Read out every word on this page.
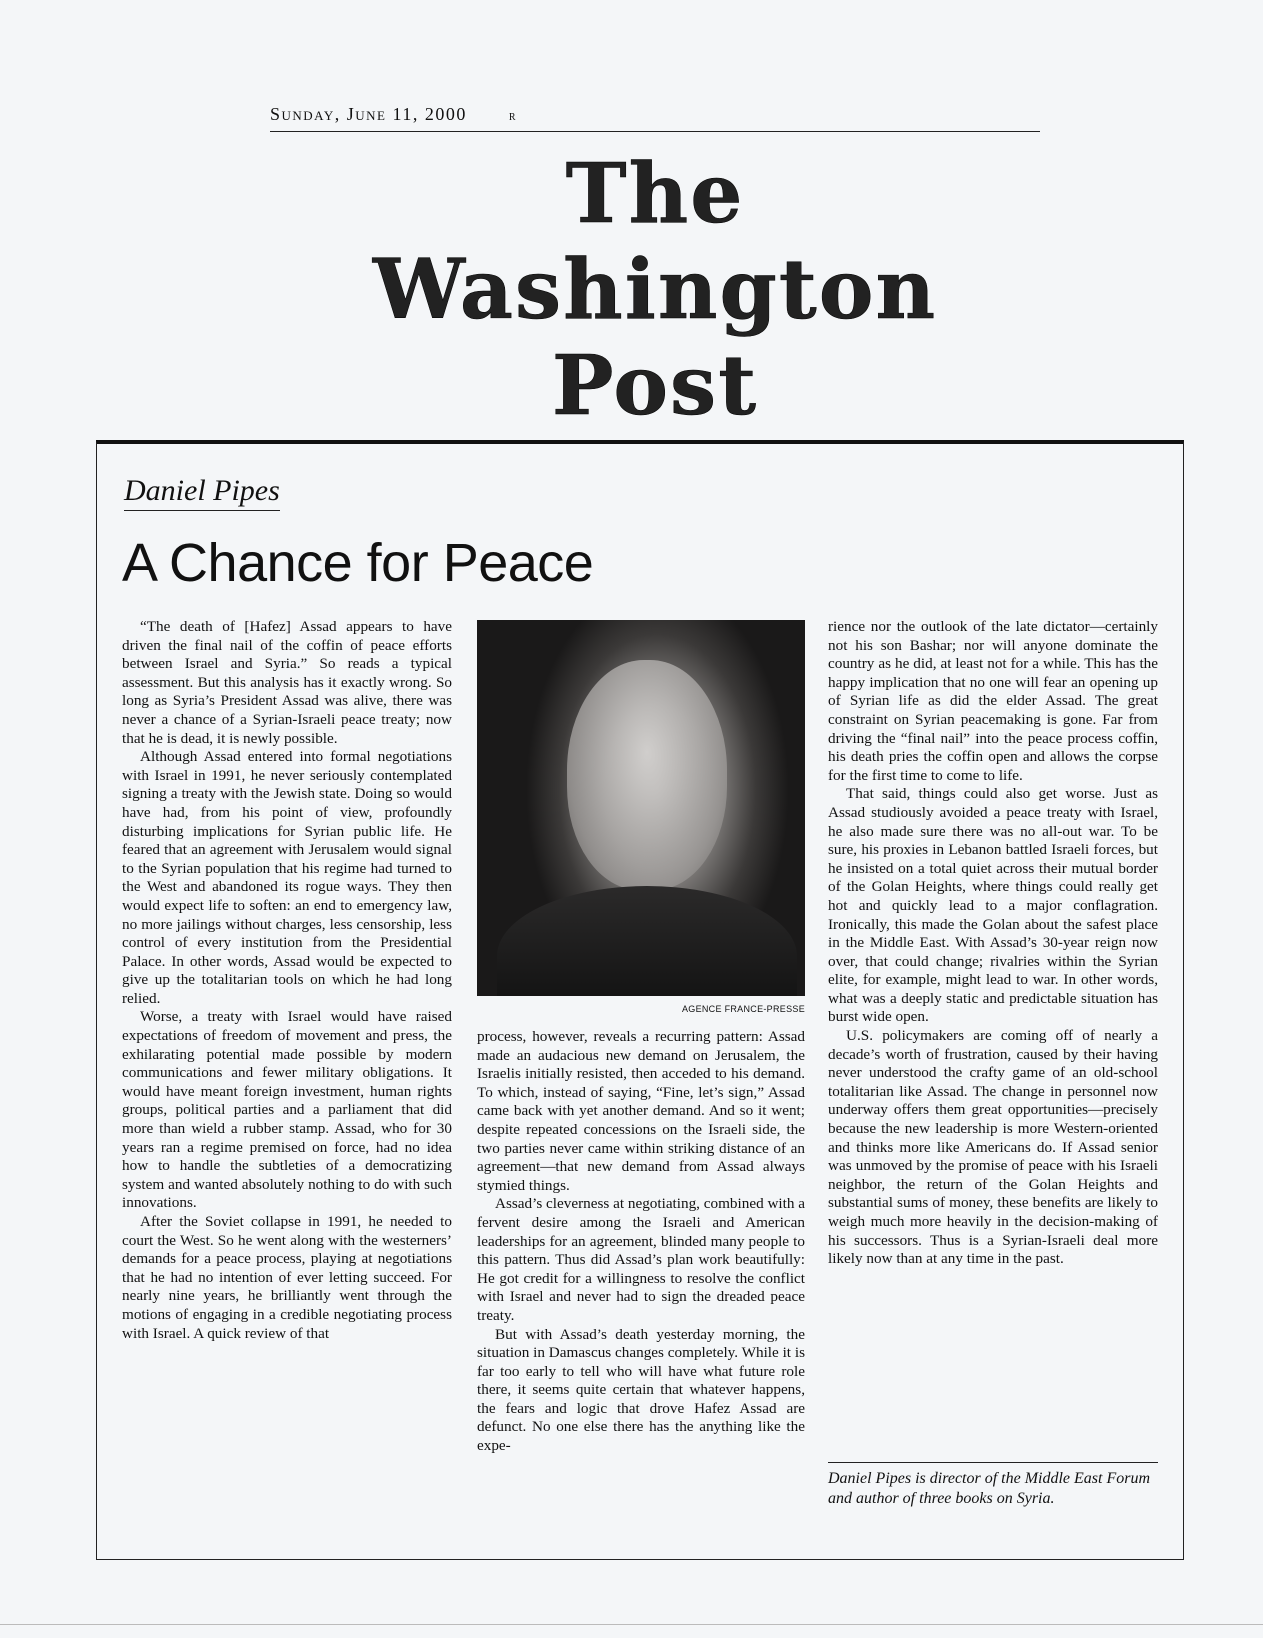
Sunday, June 11, 2000	R
The Washington Post
Daniel Pipes
A Chance for Peace

“The death of [Hafez] Assad appears to have driven the final nail of the coffin of peace efforts between Israel and Syria.” So reads a typical assessment. But this analysis has it exactly wrong. So long as Syria’s President Assad was alive, there was never a chance of a Syrian-Israeli peace treaty; now that he is dead, it is newly possible.

Although Assad entered into formal negotiations with Israel in 1991, he never seriously contemplated signing a treaty with the Jewish state. Doing so would have had, from his point of view, profoundly disturbing implications for Syrian public life. He feared that an agreement with Jerusalem would signal to the Syrian population that his regime had turned to the West and abandoned its rogue ways. They then would expect life to soften: an end to emergency law, no more jailings without charges, less censorship, less control of every institution from the Presidential Palace. In other words, Assad would be expected to give up the totalitarian tools on which he had long relied.

Worse, a treaty with Israel would have raised expectations of freedom of movement and press, the exhilarating potential made possible by modern communications and fewer military obligations. It would have meant foreign investment, human rights groups, political parties and a parliament that did more than wield a rubber stamp. Assad, who for 30 years ran a regime premised on force, had no idea how to handle the subtleties of a democratizing system and wanted absolutely nothing to do with such innovations.

After the Soviet collapse in 1991, he needed to court the West. So he went along with the westerners’ demands for a peace process, playing at negotiations that he had no intention of ever letting succeed. For nearly nine years, he brilliantly went through the motions of engaging in a credible negotiating process with Israel. A quick review of that

AGENCE FRANCE-PRESSE

process, however, reveals a recurring pattern: Assad made an audacious new demand on Jerusalem, the Israelis initially resisted, then acceded to his demand. To which, instead of saying, “Fine, let’s sign,” Assad came back with yet another demand. And so it went; despite repeated concessions on the Israeli side, the two parties never came within striking distance of an agreement—that new demand from Assad always stymied things.

Assad’s cleverness at negotiating, combined with a fervent desire among the Israeli and American leaderships for an agreement, blinded many people to this pattern. Thus did Assad’s plan work beautifully: He got credit for a willingness to resolve the conflict with Israel and never had to sign the dreaded peace treaty.

But with Assad’s death yesterday morning, the situation in Damascus changes completely. While it is far too early to tell who will have what future role there, it seems quite certain that whatever happens, the fears and logic that drove Hafez Assad are defunct. No one else there has the anything like the expe-

rience nor the outlook of the late dictator—certainly not his son Bashar; nor will anyone dominate the country as he did, at least not for a while. This has the happy implication that no one will fear an opening up of Syrian life as did the elder Assad. The great constraint on Syrian peacemaking is gone. Far from driving the “final nail” into the peace process coffin, his death pries the coffin open and allows the corpse for the first time to come to life.

That said, things could also get worse. Just as Assad studiously avoided a peace treaty with Israel, he also made sure there was no all-out war. To be sure, his proxies in Lebanon battled Israeli forces, but he insisted on a total quiet across their mutual border of the Golan Heights, where things could really get hot and quickly lead to a major conflagration. Ironically, this made the Golan about the safest place in the Middle East. With Assad’s 30-year reign now over, that could change; rivalries within the Syrian elite, for example, might lead to war. In other words, what was a deeply static and predictable situation has burst wide open.

U.S. policymakers are coming off of nearly a decade’s worth of frustration, caused by their having never understood the crafty game of an old-school totalitarian like Assad. The change in personnel now underway offers them great opportunities—precisely because the new leadership is more Western-oriented and thinks more like Americans do. If Assad senior was unmoved by the promise of peace with his Israeli neighbor, the return of the Golan Heights and substantial sums of money, these benefits are likely to weigh much more heavily in the decision-making of his successors. Thus is a Syrian-Israeli deal more likely now than at any time in the past.

Daniel Pipes is director of the Middle East Forum and author of three books on Syria.
